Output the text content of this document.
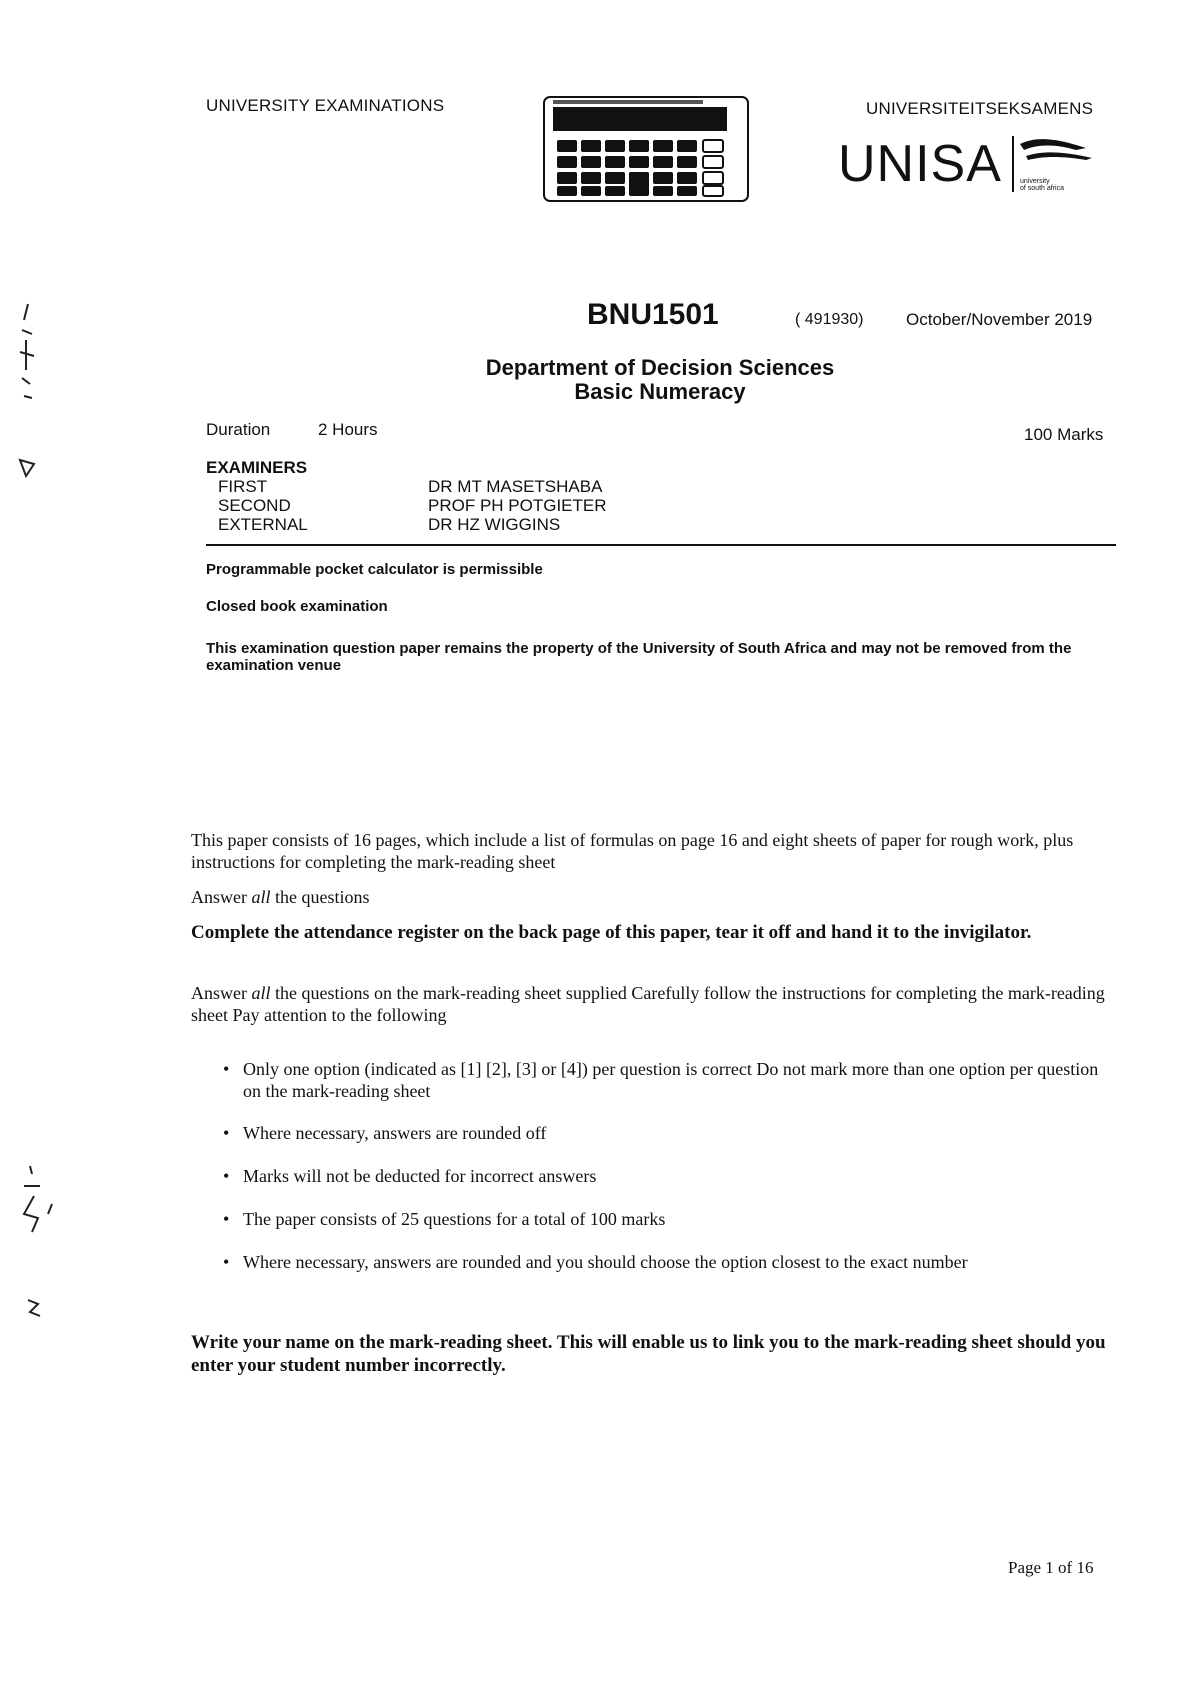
UNIVERSITY EXAMINATIONS	UNIVERSITEITSEKSAMENS
UNISA	university
of south africa
BNU1501	( 491930)	October/November 2019
Department of Decision Sciences
Basic Numeracy
Duration	2 Hours	100 Marks
EXAMINERS
FIRST	DR MT MASETSHABA
SECOND	PROF PH POTGIETER
EXTERNAL	DR HZ WIGGINS
Programmable pocket calculator is permissible
Closed book examination
This examination question paper remains the property of the University of South Africa and may not be removed from the examination venue
This paper consists of 16 pages, which include a list of formulas on page 16 and eight sheets of paper for rough work, plus instructions for completing the mark-reading sheet
Answer all the questions
Complete the attendance register on the back page of this paper, tear it off and hand it to the invigilator.
Answer all the questions on the mark-reading sheet supplied Carefully follow the instructions for completing the mark-reading sheet Pay attention to the following
• Only one option (indicated as [1] [2], [3] or [4]) per question is correct Do not mark more than one option per question on the mark-reading sheet
• Where necessary, answers are rounded off
• Marks will not be deducted for incorrect answers
• The paper consists of 25 questions for a total of 100 marks
• Where necessary, answers are rounded and you should choose the option closest to the exact number
Write your name on the mark-reading sheet. This will enable us to link you to the mark-reading sheet should you enter your student number incorrectly.
Page 1 of 16
